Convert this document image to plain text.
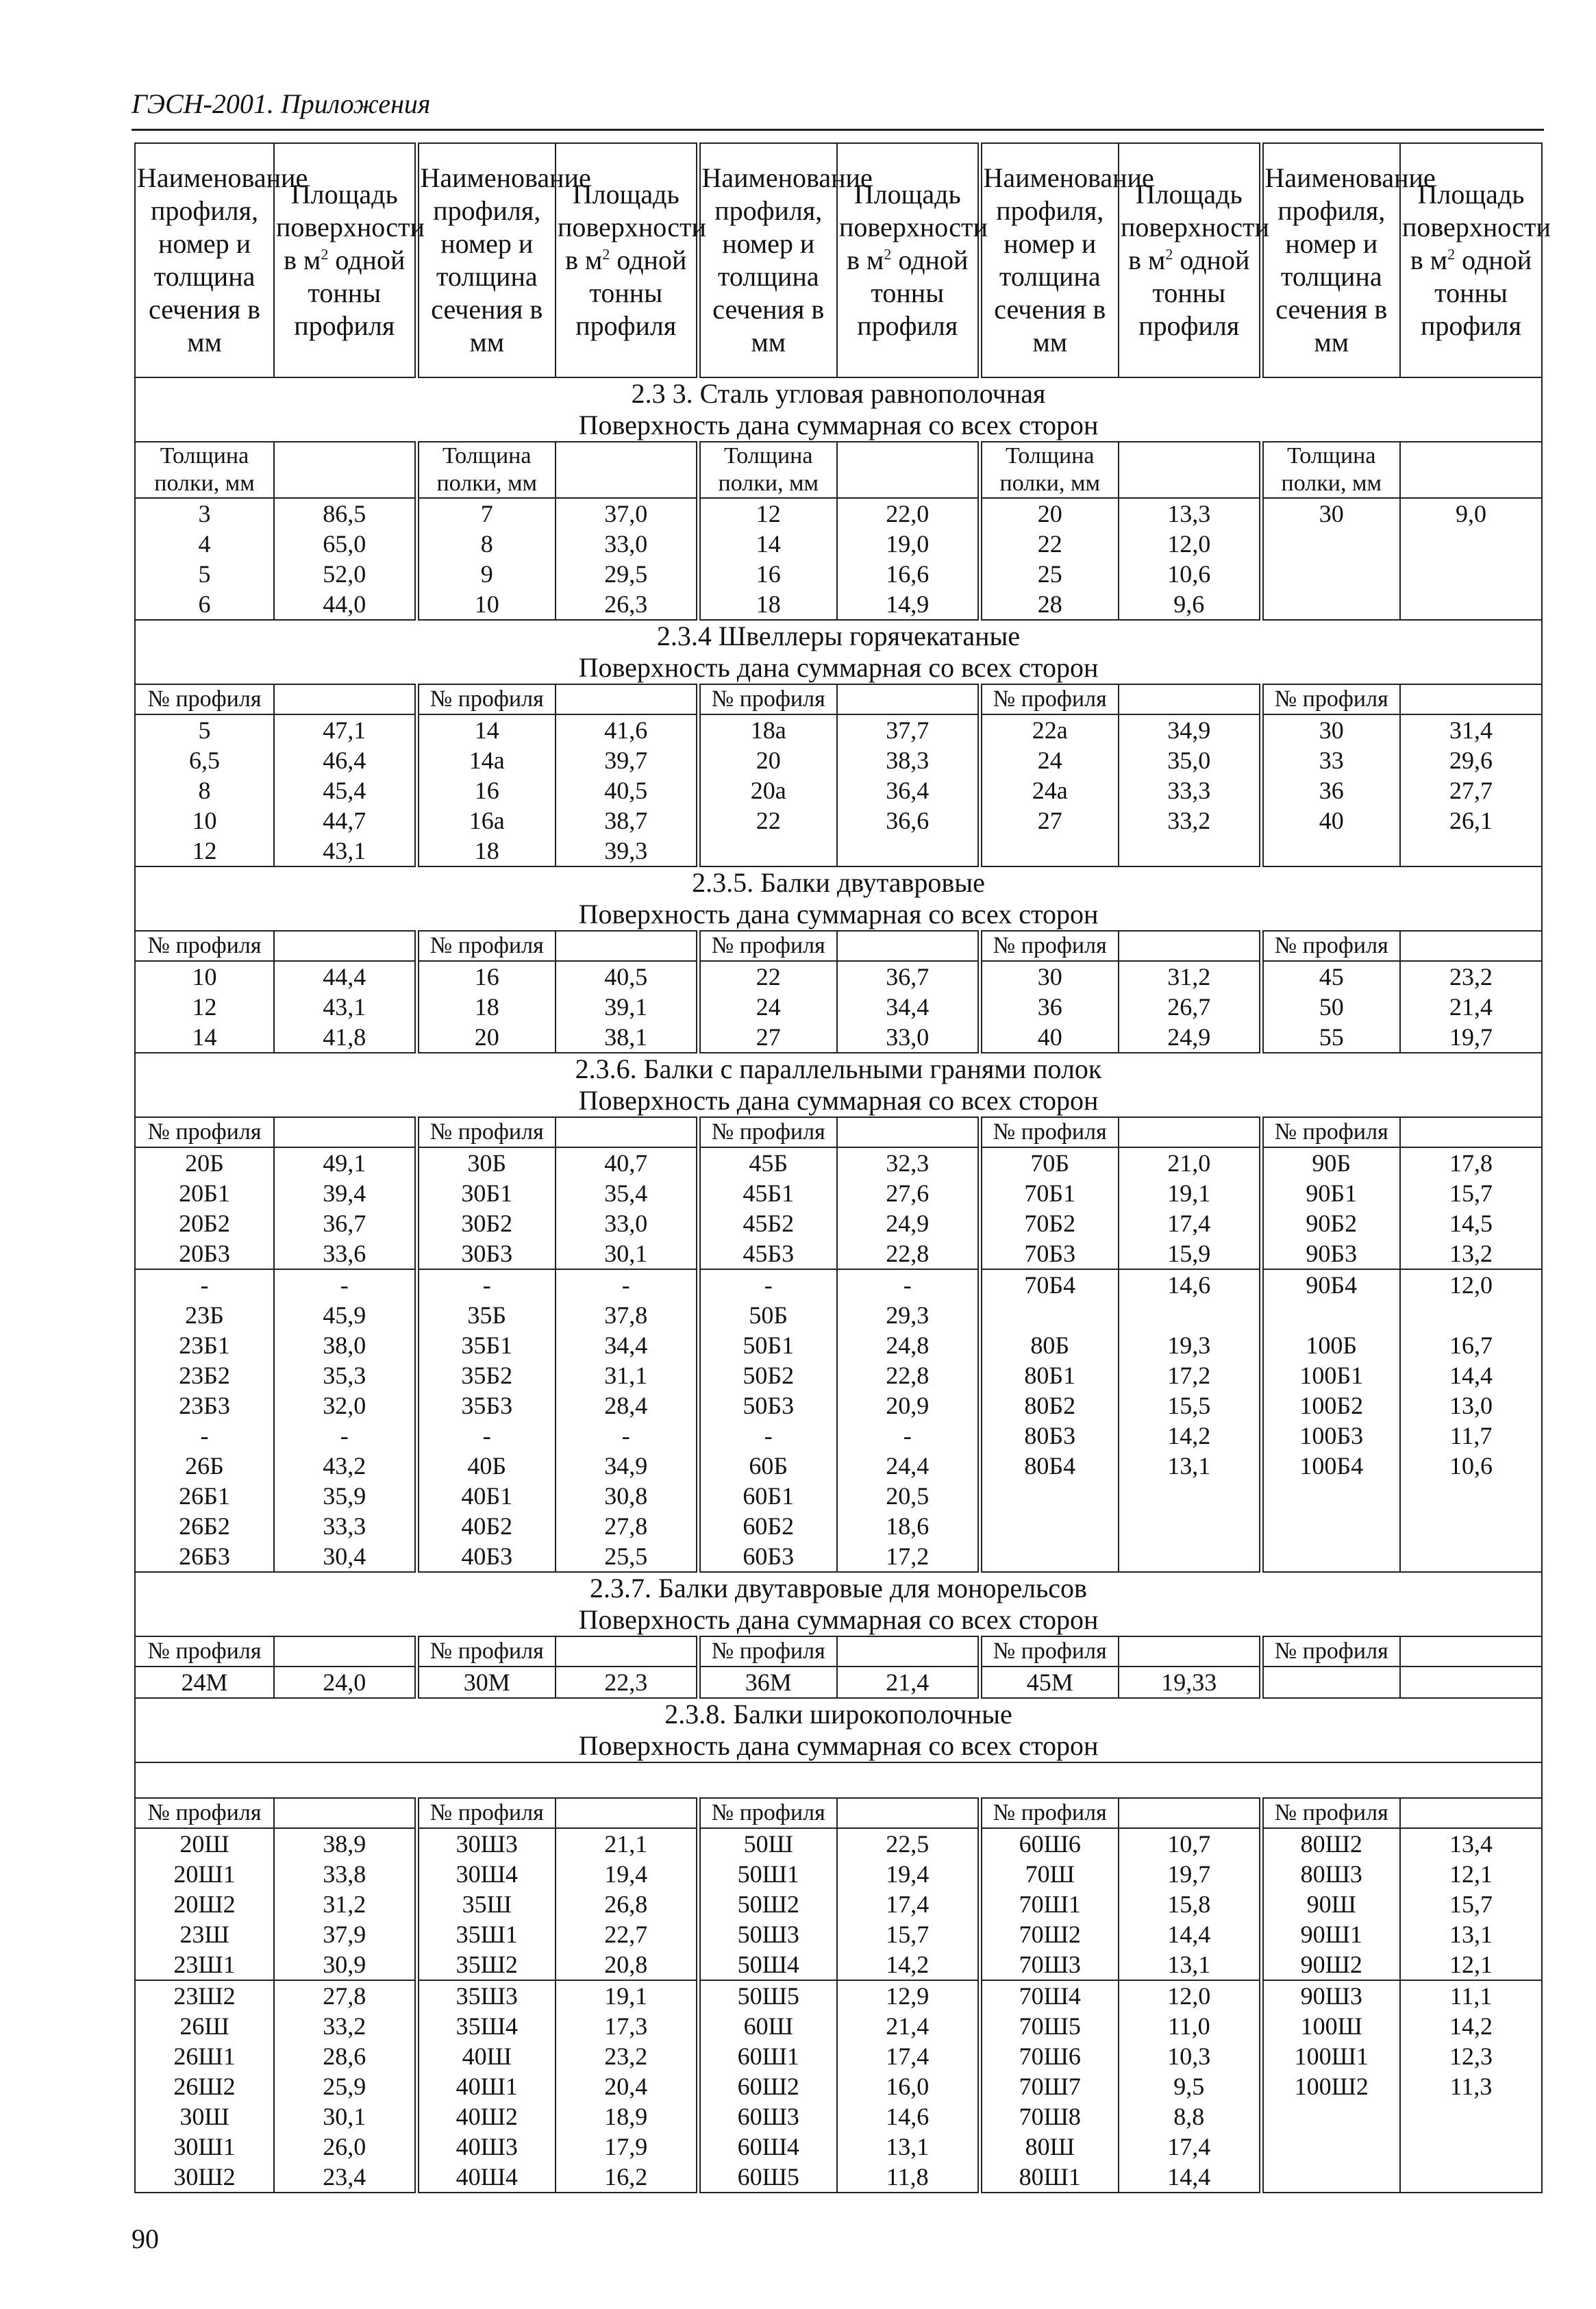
ГЭСН-2001. Приложения
Наименование профиля, номер и толщина сечения в мм	Площадь поверхности в $м^2$ одной тонны профиля	Наименование профиля, номер и толщина сечения в мм	Площадь поверхности в $м^2$ одной тонны профиля	Наименование профиля, номер и толщина сечения в мм	Площадь поверхности в $м^2$ одной тонны профиля	Наименование профиля, номер и толщина сечения в мм	Площадь поверхности в $м^2$ одной тонны профиля	Наименование профиля, номер и толщина сечения в мм	Площадь поверхности в $м^2$ одной тонны профиля
2.3 3. Сталь угловая равнополочная									
Поверхность дана суммарная со всех сторон									
Толщина полки, мм		Толщина полки, мм		Толщина полки, мм		Толщина полки, мм		Толщина полки, мм	
3	86,5	7	37,0	12	22,0	20	13,3	30	9,0
4	65,0	8	33,0	14	19,0	22	12,0		
5	52,0	9	29,5	16	16,6	25	10,6		
6	44,0	10	26,3	18	14,9	28	9,6		
2.3.4 Швеллеры горячекатаные									
Поверхность дана суммарная со всех сторон									
№ профиля		№ профиля		№ профиля		№ профиля		№ профиля	
5	47,1	14	41,6	18а	37,7	22а	34,9	30	31,4
6,5	46,4	14а	39,7	20	38,3	24	35,0	33	29,6
8	45,4	16	40,5	20а	36,4	24а	33,3	36	27,7
10	44,7	16а	38,7	22	36,6	27	33,2	40	26,1
12	43,1	18	39,3						
2.3.5. Балки двутавровые									
Поверхность дана суммарная со всех сторон									
№ профиля		№ профиля		№ профиля		№ профиля		№ профиля	
10	44,4	16	40,5	22	36,7	30	31,2	45	23,2
12	43,1	18	39,1	24	34,4	36	26,7	50	21,4
14	41,8	20	38,1	27	33,0	40	24,9	55	19,7
2.3.6. Балки с параллельными гранями полок									
Поверхность дана суммарная со всех сторон									
№ профиля		№ профиля		№ профиля		№ профиля		№ профиля	
20Б	49,1	30Б	40,7	45Б	32,3	70Б	21,0	90Б	17,8
20Б1	39,4	30Б1	35,4	45Б1	27,6	70Б1	19,1	90Б1	15,7
20Б2	36,7	30Б2	33,0	45Б2	24,9	70Б2	17,4	90Б2	14,5
20Б3	33,6	30Б3	30,1	45Б3	22,8	70Б3	15,9	90Б3	13,2
-	-	-	-	-	-	70Б4	14,6	90Б4	12,0
23Б	45,9	35Б	37,8	50Б	29,3				
23Б1	38,0	35Б1	34,4	50Б1	24,8	80Б	19,3	100Б	16,7
23Б2	35,3	35Б2	31,1	50Б2	22,8	80Б1	17,2	100Б1	14,4
23Б3	32,0	35Б3	28,4	50Б3	20,9	80Б2	15,5	100Б2	13,0
-	-	-	-	-	-	80Б3	14,2	100Б3	11,7
26Б	43,2	40Б	34,9	60Б	24,4	80Б4	13,1	100Б4	10,6
26Б1	35,9	40Б1	30,8	60Б1	20,5				
26Б2	33,3	40Б2	27,8	60Б2	18,6				
26Б3	30,4	40Б3	25,5	60Б3	17,2				
2.3.7. Балки двутавровые для монорельсов									
Поверхность дана суммарная со всех сторон									
№ профиля		№ профиля		№ профиля		№ профиля		№ профиля	
24М	24,0	30М	22,3	36М	21,4	45М	19,33		
2.3.8. Балки широкополочные									
Поверхность дана суммарная со всех сторон									

№ профиля		№ профиля		№ профиля		№ профиля		№ профиля	
20Ш	38,9	30Ш3	21,1	50Ш	22,5	60Ш6	10,7	80Ш2	13,4
20Ш1	33,8	30Ш4	19,4	50Ш1	19,4	70Ш	19,7	80Ш3	12,1
20Ш2	31,2	35Ш	26,8	50Ш2	17,4	70Ш1	15,8	90Ш	15,7
23Ш	37,9	35Ш1	22,7	50Ш3	15,7	70Ш2	14,4	90Ш1	13,1
23Ш1	30,9	35Ш2	20,8	50Ш4	14,2	70Ш3	13,1	90Ш2	12,1
23Ш2	27,8	35Ш3	19,1	50Ш5	12,9	70Ш4	12,0	90Ш3	11,1
26Ш	33,2	35Ш4	17,3	60Ш	21,4	70Ш5	11,0	100Ш	14,2
26Ш1	28,6	40Ш	23,2	60Ш1	17,4	70Ш6	10,3	100Ш1	12,3
26Ш2	25,9	40Ш1	20,4	60Ш2	16,0	70Ш7	9,5	100Ш2	11,3
30Ш	30,1	40Ш2	18,9	60Ш3	14,6	70Ш8	8,8		
30Ш1	26,0	40Ш3	17,9	60Ш4	13,1	80Ш	17,4		
30Ш2	23,4	40Ш4	16,2	60Ш5	11,8	80Ш1	14,4		
90
